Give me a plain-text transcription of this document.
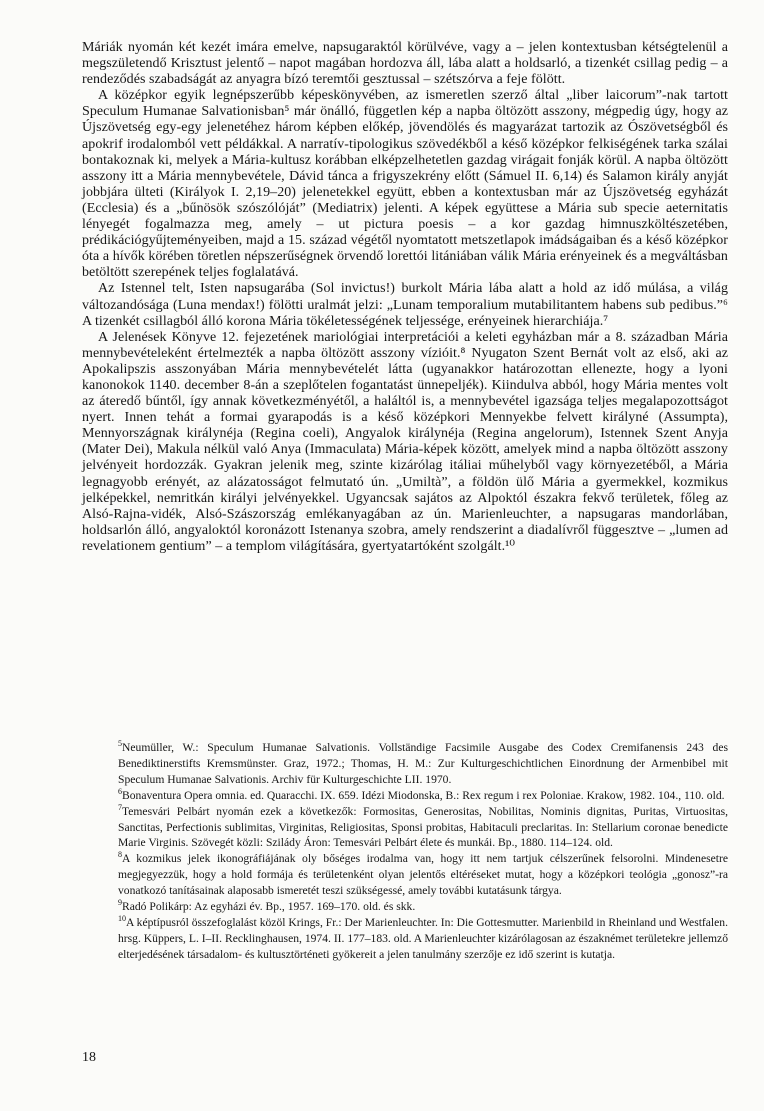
Máriák nyomán két kezét imára emelve, napsugaraktól körülvéve, vagy a – jelen kontextusban kétségtelenül a megszületendő Krisztust jelentő – napot magában hordozva áll, lába alatt a holdsarló, a tizenkét csillag pedig – a rendeződés szabadságát az anyagra bízó teremtői gesztussal – szétszórva a feje fölött.

A középkor egyik legnépszerűbb képeskönyvében, az ismeretlen szerző által „liber laicorum”-nak tartott Speculum Humanae Salvationisban⁵ már önálló, független kép a napba öltözött asszony, mégpedig úgy, hogy az Újszövetség egy-egy jelenetéhez három képben előkép, jövendölés és magyarázat tartozik az Ószövetségből és apokrif irodalomból vett példákkal. A narratív-tipologikus szövedékből a késő középkor felkiségének tarka szálai bontakoznak ki, melyek a Mária-kultusz korábban elképzelhetetlen gazdag virágait fonják körül. A napba öltözött asszony itt a Mária mennybevétele, Dávid tánca a frigyszekrény előtt (Sámuel II. 6,14) és Salamon király anyját jobbjára ülteti (Királyok I. 2,19–20) jelenetekkel együtt, ebben a kontextusban már az Újszövetség egyházát (Ecclesia) és a „bűnösök szószólóját” (Mediatrix) jelenti. A képek együttese a Mária sub specie aeternitatis lényegét fogalmazza meg, amely – ut pictura poesis – a kor gazdag himnuszköltészetében, prédikációgyűjteményeiben, majd a 15. század végétől nyomtatott metszetlapok imádságaiban és a késő középkor óta a hívők körében töretlen népszerűségnek örvendő lorettói litániában válik Mária erényeinek és a megváltásban betöltött szerepének teljes foglalatává.

Az Istennel telt, Isten napsugarába (Sol invictus!) burkolt Mária lába alatt a hold az idő múlása, a világ változandósága (Luna mendax!) fölötti uralmát jelzi: „Lunam temporalium mutabilitantem habens sub pedibus.”⁶ A tizenkét csillagból álló korona Mária tökéletességének teljessége, erényeinek hierarchiája.⁷

A Jelenések Könyve 12. fejezetének mariológiai interpretációi a keleti egyházban már a 8. században Mária mennybevételeként értelmezték a napba öltözött asszony vízióit.⁸ Nyugaton Szent Bernát volt az első, aki az Apokalipszis asszonyában Mária mennybevételét látta (ugyanakkor határozottan ellenezte, hogy a lyoni kanonokok 1140. december 8-án a szeplőtelen fogantatást ünnepeljék). Kiindulva abból, hogy Mária mentes volt az áteredő bűntől, így annak következményétől, a haláltól is, a mennybevétel igazsága teljes megalapozottságot nyert. Innen tehát a formai gyarapodás is a késő középkori Mennyekbe felvett királyné (Assumpta), Mennyországnak királynéja (Regina coeli), Angyalok királynéja (Regina angelorum), Istennek Szent Anyja (Mater Dei), Makula nélkül való Anya (Immaculata) Mária-képek között, amelyek mind a napba öltözött asszony jelvényeit hordozzák. Gyakran jelenik meg, szinte kizárólag itáliai műhelyből vagy környezetéből, a Mária legnagyobb erényét, az alázatosságot felmutató ún. „Umiltà”, a földön ülő Mária a gyermekkel, kozmikus jelképekkel, nemritkán királyi jelvényekkel. Ugyancsak sajátos az Alpoktól északra fekvő területek, főleg az Alsó-Rajna-vidék, Alsó-Szászország emlékanyagában az ún. Marienleuchter, a napsugaras mandorlában, holdsarlón álló, angyaloktól koronázott Istenanya szobra, amely rendszerint a diadalívről függesztve – „lumen ad revelationem gentium” – a templom világítására, gyertyatartóként szolgált.¹⁰

$^5$Neumüller, W.: Speculum Humanae Salvationis. Vollständige Facsimile Ausgabe des Codex Cremifanensis 243 des Benediktinerstifts Kremsmünster. Graz, 1972.; Thomas, H. M.: Zur Kulturgeschichtlichen Einordnung der Armenbibel mit Speculum Humanae Salvationis. Archiv für Kulturgeschichte LII. 1970.

$^6$Bonaventura Opera omnia. ed. Quaracchi. IX. 659. Idézi Miodonska, B.: Rex regum i rex Poloniae. Krakow, 1982. 104., 110. old.

$^7$Temesvári Pelbárt nyomán ezek a következők: Formositas, Generositas, Nobilitas, Nominis dignitas, Puritas, Virtuositas, Sanctitas, Perfectionis sublimitas, Virginitas, Religiositas, Sponsi probitas, Habitaculi preclaritas. In: Stellarium coronae benedicte Marie Virginis. Szövegét közli: Sziládу Áron: Temesvári Pelbárt élete és munkái. Bp., 1880. 114–124. old.

$^8$A kozmikus jelek ikonográfiájának oly bőséges irodalma van, hogy itt nem tartjuk célszerűnek felsorolni. Mindenesetre megjegyezzük, hogy a hold formája és területenként olyan jelentős eltéréseket mutat, hogy a középkori teológia „gonosz”-ra vonatkozó tanításainak alaposabb ismeretét teszi szükségessé, amely további kutatásunk tárgya.

$^9$Radó Polikárp: Az egyházi év. Bp., 1957. 169–170. old. és skk.

$^{10}$A képtípusról összefoglalást közöl Krings, Fr.: Der Marienleuchter. In: Die Gottesmutter. Marienbild in Rheinland und Westfalen. hrsg. Küppers, L. I–II. Recklinghausen, 1974. II. 177–183. old. A Marienleuchter kizárólagosan az északnémet területekre jellemző elterjedésének társadalom- és kultusztörténeti gyökereit a jelen tanulmány szerzője ez idő szerint is kutatja.

18
